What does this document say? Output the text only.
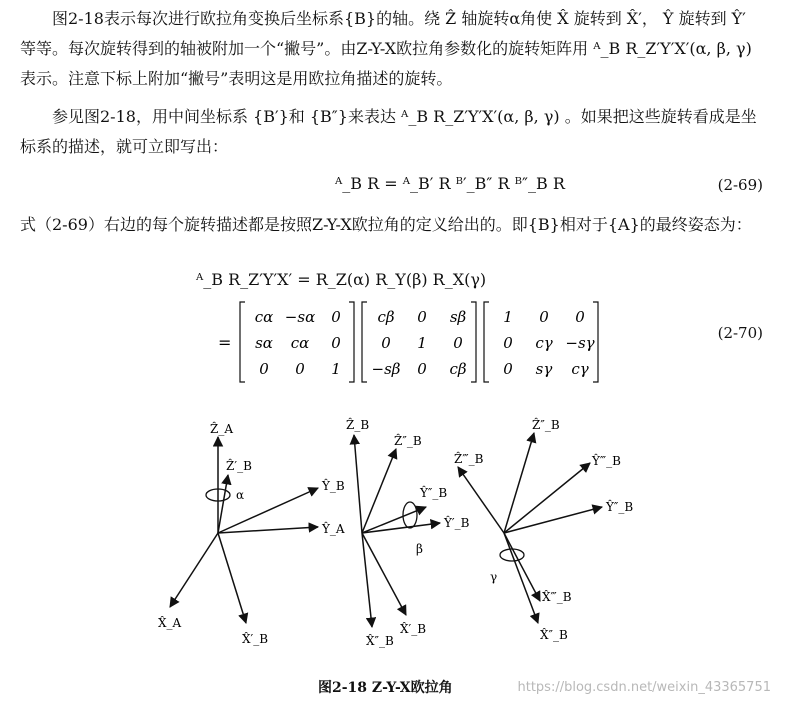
图2-18表示每次进行欧拉角变换后坐标系{B}的轴。绕 Ẑ 轴旋转α角使 X̂ 旋转到 X̂′， Ŷ 旋转到 Ŷ′ 等等。每次旋转得到的轴被附加一个“撇号”。由Z-Y-X欧拉角参数化的旋转矩阵用 ᴬ_B R_Z′Y′X′(α, β, γ) 表示。注意下标上附加“撇号”表明这是用欧拉角描述的旋转。
参见图2-18，用中间坐标系 {B′}和 {B″}来表达 ᴬ_B R_Z′Y′X′(α, β, γ) 。如果把这些旋转看成是坐标系的描述，就可立即写出：
ᴬ_B R = ᴬ_B′ R ᴮ′_B″ R ᴮ″_B R	(2-69)
式（2-69）右边的每个旋转描述都是按照Z-Y-X欧拉角的定义给出的。即{B}相对于{A}的最终姿态为：
ᴬ_B R_Z′Y′X′ = R_Z(α) R_Y(β) R_X(γ)
(2-70)
=
cα −sα 0
sα cα 0
0 0 1
cβ 0 sβ
0 1 0
−sβ 0 cβ
1 0 0
0 cγ −sγ
0 sγ cγ
Ẑ_A
Ẑ′_B
Ŷ_B
Ŷ_A
X̂_A
X̂′_B
α
Ẑ_B
Ẑ″_B
Ŷ″_B
Ŷ′_B
β
X̂″_B
X̂′_B
Ẑ″_B
Ẑ‴_B	Ŷ‴_B
Ŷ″_B
γ
X̂‴_B
X̂″_B
图2-18 Z-Y-X欧拉角	https://blog.csdn.net/weixin_43365751
